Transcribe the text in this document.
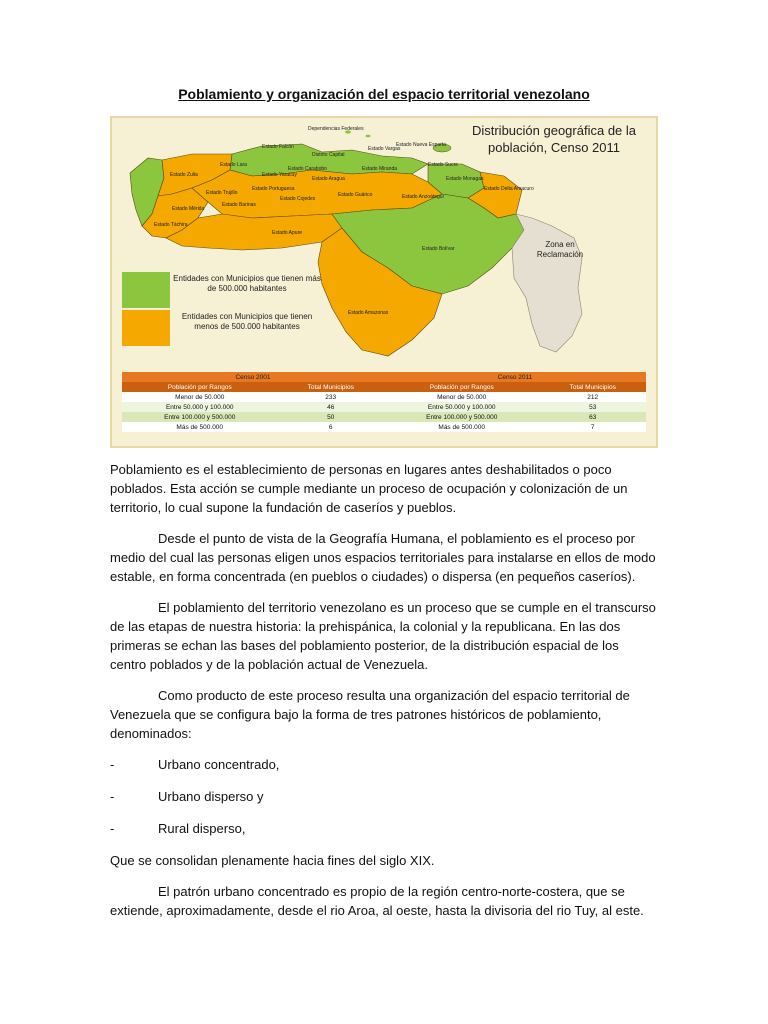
Poblamiento y organización del espacio territorial venezolano
Dependencias Federales
Estado Nueva Esparta
Estado Vargas
Estado Falcón
Distrito Capital
Estado Miranda
Estado Sucre
Estado Zulia
Estado Lara
Estado Yaracuy
Estado Carabobo
Estado Aragua	Estado Monagas
Estado Trujillo
Estado Portuguesa
Estado Cojedes
Estado Guárico	Estado Anzoátegui
Estado Delta Amacuro
Estado Mérida
Estado Barinas
Estado Táchira
Estado Apure
Estado Bolívar
Estado Amazonas
Distribución geográfica de la población, Censo 2011
Zona en Reclamación
Entidades con Municipios que tienen más de 500.000 habitantes
Entidades con Municipios que tienen menos de 500.000 habitantes
Censo 2001		Censo 2011	
Población por Rangos	Total Municipios	Población por Rangos	Total Municipios
Menor de 50.000	233	Menor de 50.000	212
Entre 50.000 y 100.000	46	Entre 50.000 y 100.000	53
Entre 100.000 y 500.000	50	Entre 100.000 y 500.000	63
Más de 500.000	6	Más de 500.000	7

Poblamiento es el establecimiento de personas en lugares antes deshabilitados o poco poblados. Esta acción se cumple mediante un proceso de ocupación y colonización de un territorio, lo cual supone la fundación de caseríos y pueblos.

Desde el punto de vista de la Geografía Humana, el poblamiento es el proceso por medio del cual las personas eligen unos espacios territoriales para instalarse en ellos de modo estable, en forma concentrada (en pueblos o ciudades) o dispersa (en pequeños caseríos).

El poblamiento del territorio venezolano es un proceso que se cumple en el transcurso de las etapas de nuestra historia: la prehispánica, la colonial y la republicana. En las dos primeras se echan las bases del poblamiento posterior, de la distribución espacial de los centro poblados y de la población actual de Venezuela.

Como producto de este proceso resulta una organización del espacio territorial de Venezuela que se configura bajo la forma de tres patrones históricos de poblamiento, denominados:

-	Urbano concentrado,
-	Urbano disperso y
-	Rural disperso,

Que se consolidan plenamente hacia fines del siglo XIX.

El patrón urbano concentrado es propio de la región centro-norte-costera, que se extiende, aproximadamente, desde el rio Aroa, al oeste, hasta la divisoria del rio Tuy, al este.
